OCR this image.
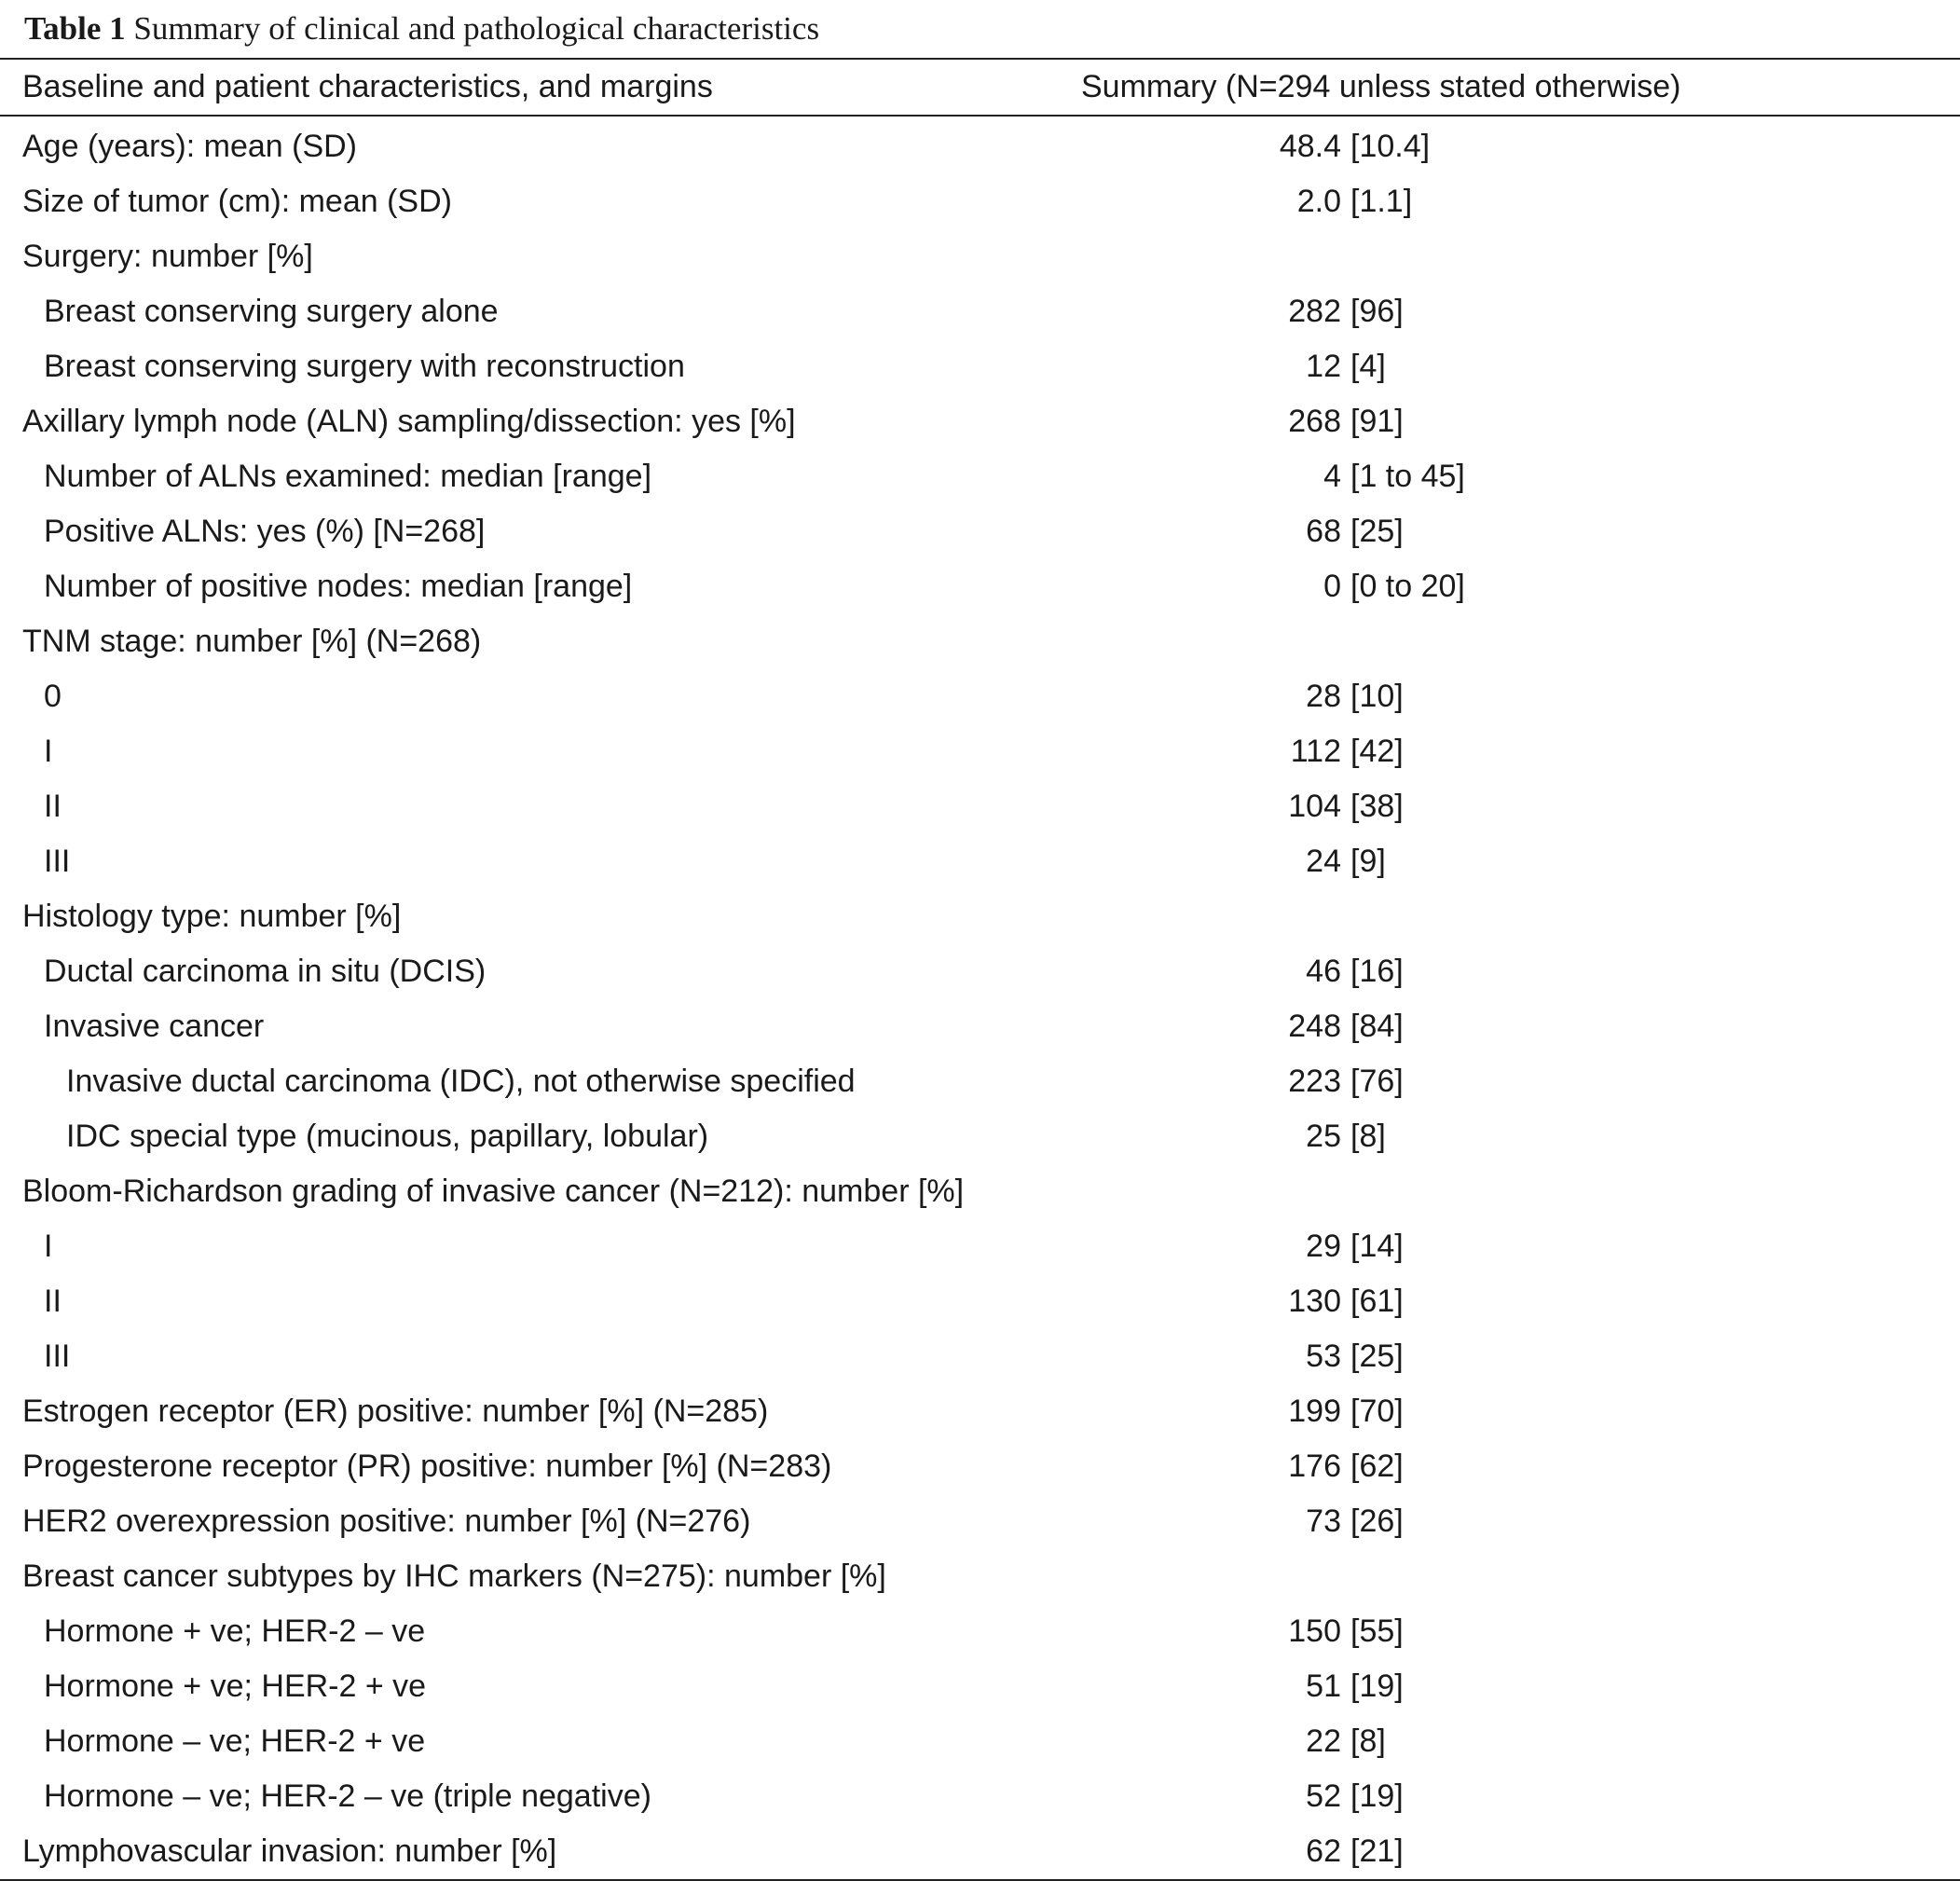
Table 1 Summary of clinical and pathological characteristics
Baseline and patient characteristics, and margins	Summary (N=294 unless stated otherwise)
Age (years): mean (SD)	48.4 [10.4]
Size of tumor (cm): mean (SD)	2.0 [1.1]
Surgery: number [%]
Breast conserving surgery alone	282 [96]
Breast conserving surgery with reconstruction	12 [4]
Axillary lymph node (ALN) sampling/dissection: yes [%]	268 [91]
Number of ALNs examined: median [range]	4 [1 to 45]
Positive ALNs: yes (%) [N=268]	68 [25]
Number of positive nodes: median [range]	0 [0 to 20]
TNM stage: number [%] (N=268)
0	28 [10]
I	112 [42]
II	104 [38]
III	24 [9]
Histology type: number [%]
Ductal carcinoma in situ (DCIS)	46 [16]
Invasive cancer	248 [84]
Invasive ductal carcinoma (IDC), not otherwise specified	223 [76]
IDC special type (mucinous, papillary, lobular)	25 [8]
Bloom-Richardson grading of invasive cancer (N=212): number [%]
I	29 [14]
II	130 [61]
III	53 [25]
Estrogen receptor (ER) positive: number [%] (N=285)	199 [70]
Progesterone receptor (PR) positive: number [%] (N=283)	176 [62]
HER2 overexpression positive: number [%] (N=276)	73 [26]
Breast cancer subtypes by IHC markers (N=275): number [%]
Hormone + ve; HER-2 – ve	150 [55]
Hormone + ve; HER-2 + ve	51 [19]
Hormone – ve; HER-2 + ve	22 [8]
Hormone – ve; HER-2 – ve (triple negative)	52 [19]
Lymphovascular invasion: number [%]	62 [21]
